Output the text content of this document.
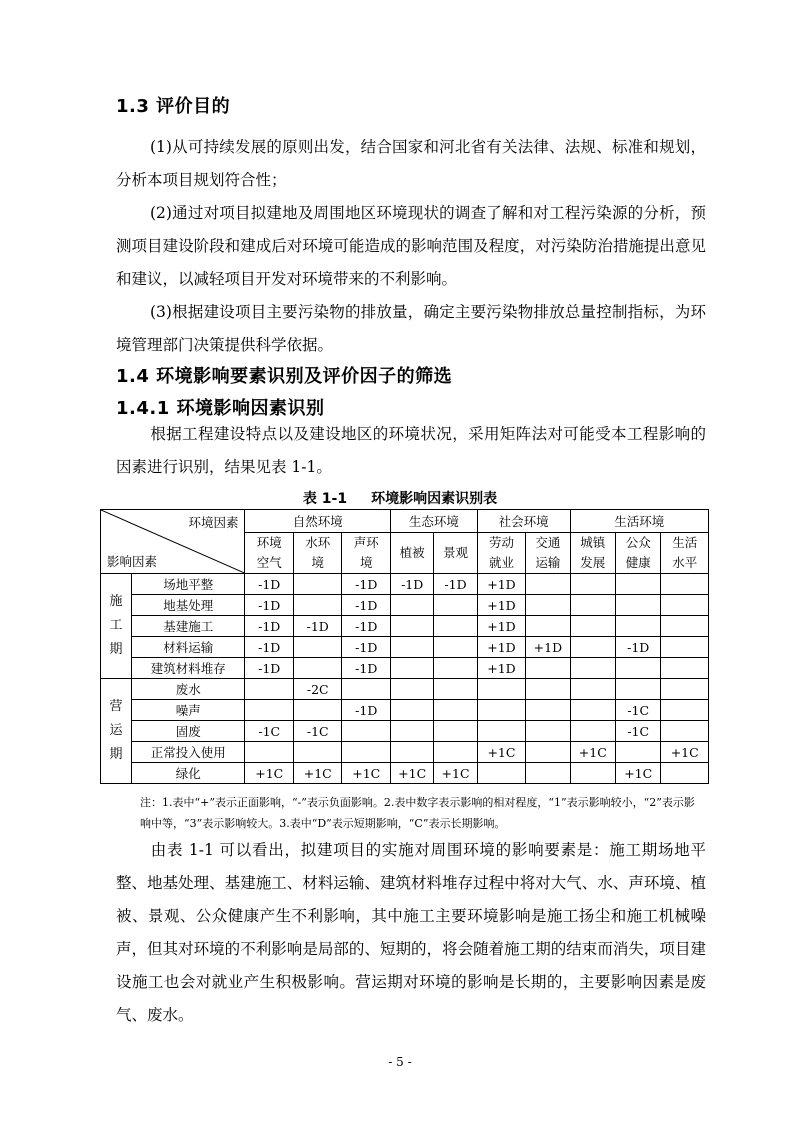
1.3 评价目的

(1)从可持续发展的原则出发，结合国家和河北省有关法律、法规、标准和规划，分析本项目规划符合性；

(2)通过对项目拟建地及周围地区环境现状的调查了解和对工程污染源的分析，预测项目建设阶段和建成后对环境可能造成的影响范围及程度，对污染防治措施提出意见和建议，以减轻项目开发对环境带来的不利影响。

(3)根据建设项目主要污染物的排放量，确定主要污染物排放总量控制指标，为环境管理部门决策提供科学依据。

1.4 环境影响要素识别及评价因子的筛选
1.4.1 环境影响因素识别

根据工程建设特点以及建设地区的环境状况，采用矩阵法对可能受本工程影响的因素进行识别，结果见表 1-1。

表 1-1 环境影响因素识别表
环境因素
影响因素		自然环境			生态环境		社会环境		生活环境		

		环境空气	水环境	声环境	植被	景观	劳动就业	交通运输	城镇发展	公众健康	生活水平

施工期	场地平整	-1D		-1D	-1D	-1D	+1D				
	地基处理	-1D		-1D			+1D				
	基建施工	-1D	-1D	-1D			+1D				
	材料运输	-1D		-1D			+1D	+1D		-1D	
	建筑材料堆存	-1D		-1D			+1D				

营运期	废水		-2C								
	噪声			-1D						-1C	
	固废	-1C	-1C							-1C	
	正常投入使用						+1C		+1C		+1C
	绿化	+1C	+1C	+1C	+1C	+1C				+1C	

注：1.表中“+”表示正面影响，“-”表示负面影响。2.表中数字表示影响的相对程度，“1”表示影响较小，“2”表示影响中等，“3”表示影响较大。3.表中“D”表示短期影响，“C”表示长期影响。

由表 1-1 可以看出，拟建项目的实施对周围环境的影响要素是：施工期场地平整、地基处理、基建施工、材料运输、建筑材料堆存过程中将对大气、水、声环境、植被、景观、公众健康产生不利影响，其中施工主要环境影响是施工扬尘和施工机械噪声，但其对环境的不利影响是局部的、短期的，将会随着施工期的结束而消失，项目建设施工也会对就业产生积极影响。营运期对环境的影响是长期的，主要影响因素是废气、废水。

- 5 -
